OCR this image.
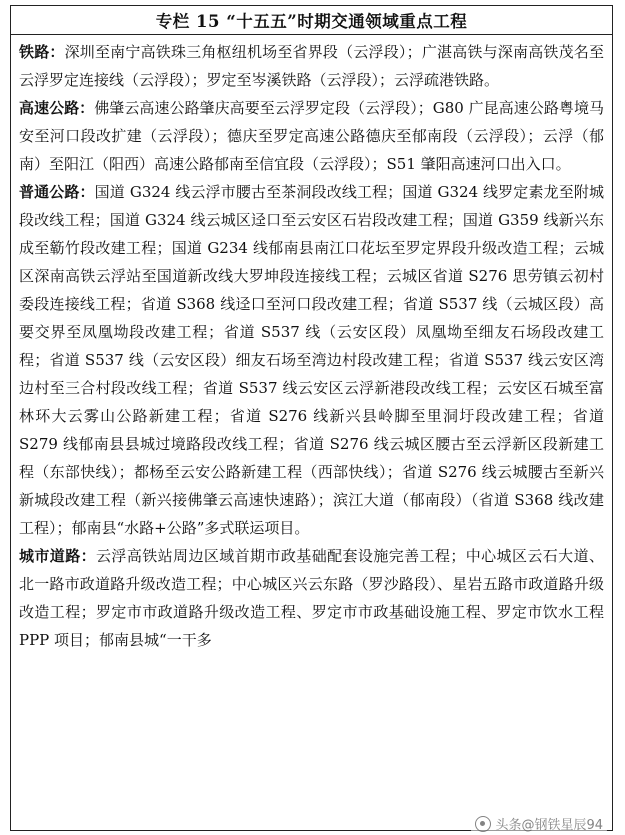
专栏 15 “十五五”时期交通领域重点工程

铁路：深圳至南宁高铁珠三角枢纽机场至省界段（云浮段）；广湛高铁与深南高铁茂名至云浮罗定连接线（云浮段）；罗定至岑溪铁路（云浮段）；云浮疏港铁路。

高速公路：佛肇云高速公路肇庆高要至云浮罗定段（云浮段）；G80 广昆高速公路粤境马安至河口段改扩建（云浮段）；德庆至罗定高速公路德庆至郁南段（云浮段）；云浮（郁南）至阳江（阳西）高速公路郁南至信宜段（云浮段）；S51 肇阳高速河口出入口。

普通公路：国道 G324 线云浮市腰古至茶洞段改线工程；国道 G324 线罗定素龙至附城段改线工程；国道 G324 线云城区迳口至云安区石岩段改建工程；国道 G359 线新兴东成至簕竹段改建工程；国道 G234 线郁南县南江口花坛至罗定界段升级改造工程；云城区深南高铁云浮站至国道新改线大罗坤段连接线工程；云城区省道 S276 思劳镇云初村委段连接线工程；省道 S368 线迳口至河口段改建工程；省道 S537 线（云城区段）高要交界至凤凰坳段改建工程；省道 S537 线（云安区段）凤凰坳至细友石场段改建工程；省道 S537 线（云安区段）细友石场至湾边村段改建工程；省道 S537 线云安区湾边村至三合村段改线工程；省道 S537 线云安区云浮新港段改线工程；云安区石城至富林环大云雾山公路新建工程；省道 S276 线新兴县岭脚至里洞圩段改建工程；省道 S279 线郁南县县城过境路段改线工程；省道 S276 线云城区腰古至云浮新区段新建工程（东部快线）；都杨至云安公路新建工程（西部快线）；省道 S276 线云城腰古至新兴新城段改建工程（新兴接佛肇云高速快速路）；滨江大道（郁南段）（省道 S368 线改建工程）；郁南县“水路+公路”多式联运项目。

城市道路：云浮高铁站周边区域首期市政基础配套设施完善工程；中心城区云石大道、北一路市政道路升级改造工程；中心城区兴云东路（罗沙路段）、星岩五路市政道路升级改造工程；罗定市市政道路升级改造工程、罗定市市政基础设施工程、罗定市饮水工程 PPP 项目；郁南县城“一干多

头条@钢铁星辰94
